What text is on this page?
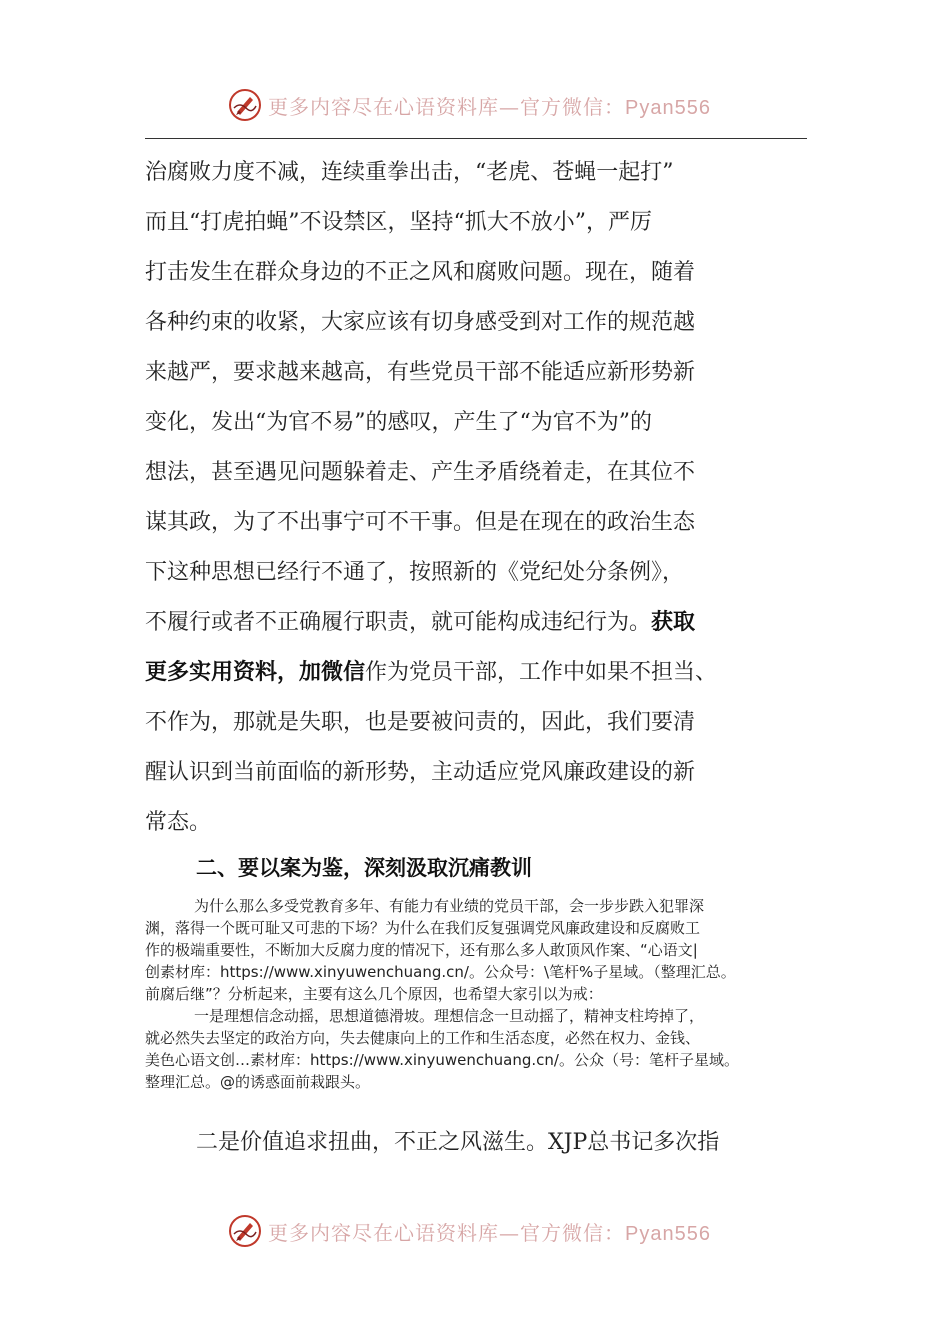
更多内容尽在心语资料库—官方微信：Pyan556
治腐败力度不减，连续重拳出击，“老虎、苍蝇一起打”
而且“打虎拍蝇”不设禁区，坚持“抓大不放小”，严厉
打击发生在群众身边的不正之风和腐败问题。现在，随着
各种约束的收紧，大家应该有切身感受到对工作的规范越
来越严，要求越来越高，有些党员干部不能适应新形势新
变化，发出“为官不易”的感叹，产生了“为官不为”的
想法，甚至遇见问题躲着走、产生矛盾绕着走，在其位不
谋其政，为了不出事宁可不干事。但是在现在的政治生态
下这种思想已经行不通了，按照新的《党纪处分条例》，
不履行或者不正确履行职责，就可能构成违纪行为。获取
更多实用资料，加微信作为党员干部，工作中如果不担当、
不作为，那就是失职，也是要被问责的，因此，我们要清
醒认识到当前面临的新形势，主动适应党风廉政建设的新
常态。
二、要以案为鉴，深刻汲取沉痛教训
为什么那么多受党教育多年、有能力有业绩的党员干部，会一步步跌入犯罪深
渊，落得一个既可耻又可悲的下场？为什么在我们反复强调党风廉政建设和反腐败工
作的极端重要性，不断加大反腐力度的情况下，还有那么多人敢顶风作案、“心语文|
创素材库：https://www.xinyuwenchuang.cn/。公众号：\笔杆%子星域。（整理汇总。
前腐后继”？分析起来，主要有这么几个原因，也希望大家引以为戒：
一是理想信念动摇，思想道德滑坡。理想信念一旦动摇了，精神支柱垮掉了，
就必然失去坚定的政治方向，失去健康向上的工作和生活态度，必然在权力、金钱、
美色心语文创…素材库：https://www.xinyuwenchuang.cn/。公众（号：笔杆子星域。
整理汇总。@的诱惑面前栽跟头。
二是价值追求扭曲，不正之风滋生。XJP总书记多次指
更多内容尽在心语资料库—官方微信：Pyan556
